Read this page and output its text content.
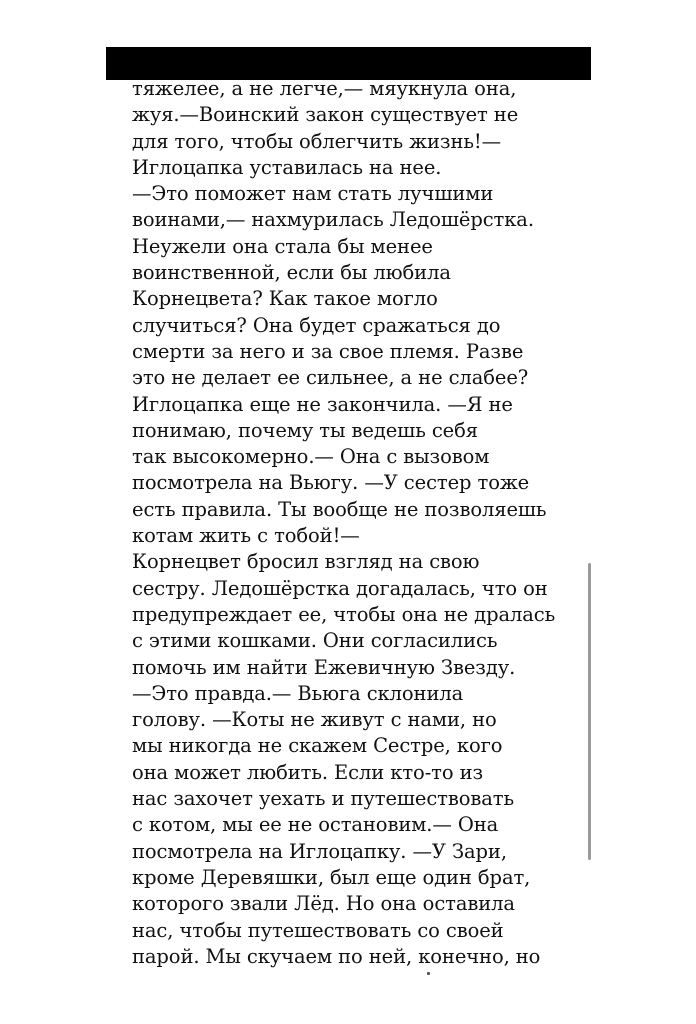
тяжелее, а не легче,— мяукнула она,
жуя.—Воинский закон существует не
для того, чтобы облегчить жизнь!—
Иглоцапка уставилась на нее.
—Это поможет нам стать лучшими
воинами,— нахмурилась Ледошёрстка.
Неужели она стала бы менее
воинственной, если бы любила
Корнецвета? Как такое могло
случиться? Она будет сражаться до
смерти за него и за свое племя. Разве
это не делает ее сильнее, а не слабее?
Иглоцапка еще не закончила. —Я не
понимаю, почему ты ведешь себя
так высокомерно.— Она с вызовом
посмотрела на Вьюгу. —У сестер тоже
есть правила. Ты вообще не позволяешь
котам жить с тобой!—
Корнецвет бросил взгляд на свою
сестру. Ледошёрстка догадалась, что он
предупреждает ее, чтобы она не дралась
с этими кошками. Они согласились
помочь им найти Ежевичную Звезду.
—Это правда.— Вьюга склонила
голову. —Коты не живут с нами, но
мы никогда не скажем Сестре, кого
она может любить. Если кто-то из
нас захочет уехать и путешествовать
с котом, мы ее не остановим.— Она
посмотрела на Иглоцапку. —У Зари,
кроме Деревяшки, был еще один брат,
которого звали Лёд. Но она оставила
нас, чтобы путешествовать со своей
парой. Мы скучаем по ней, конечно, но
